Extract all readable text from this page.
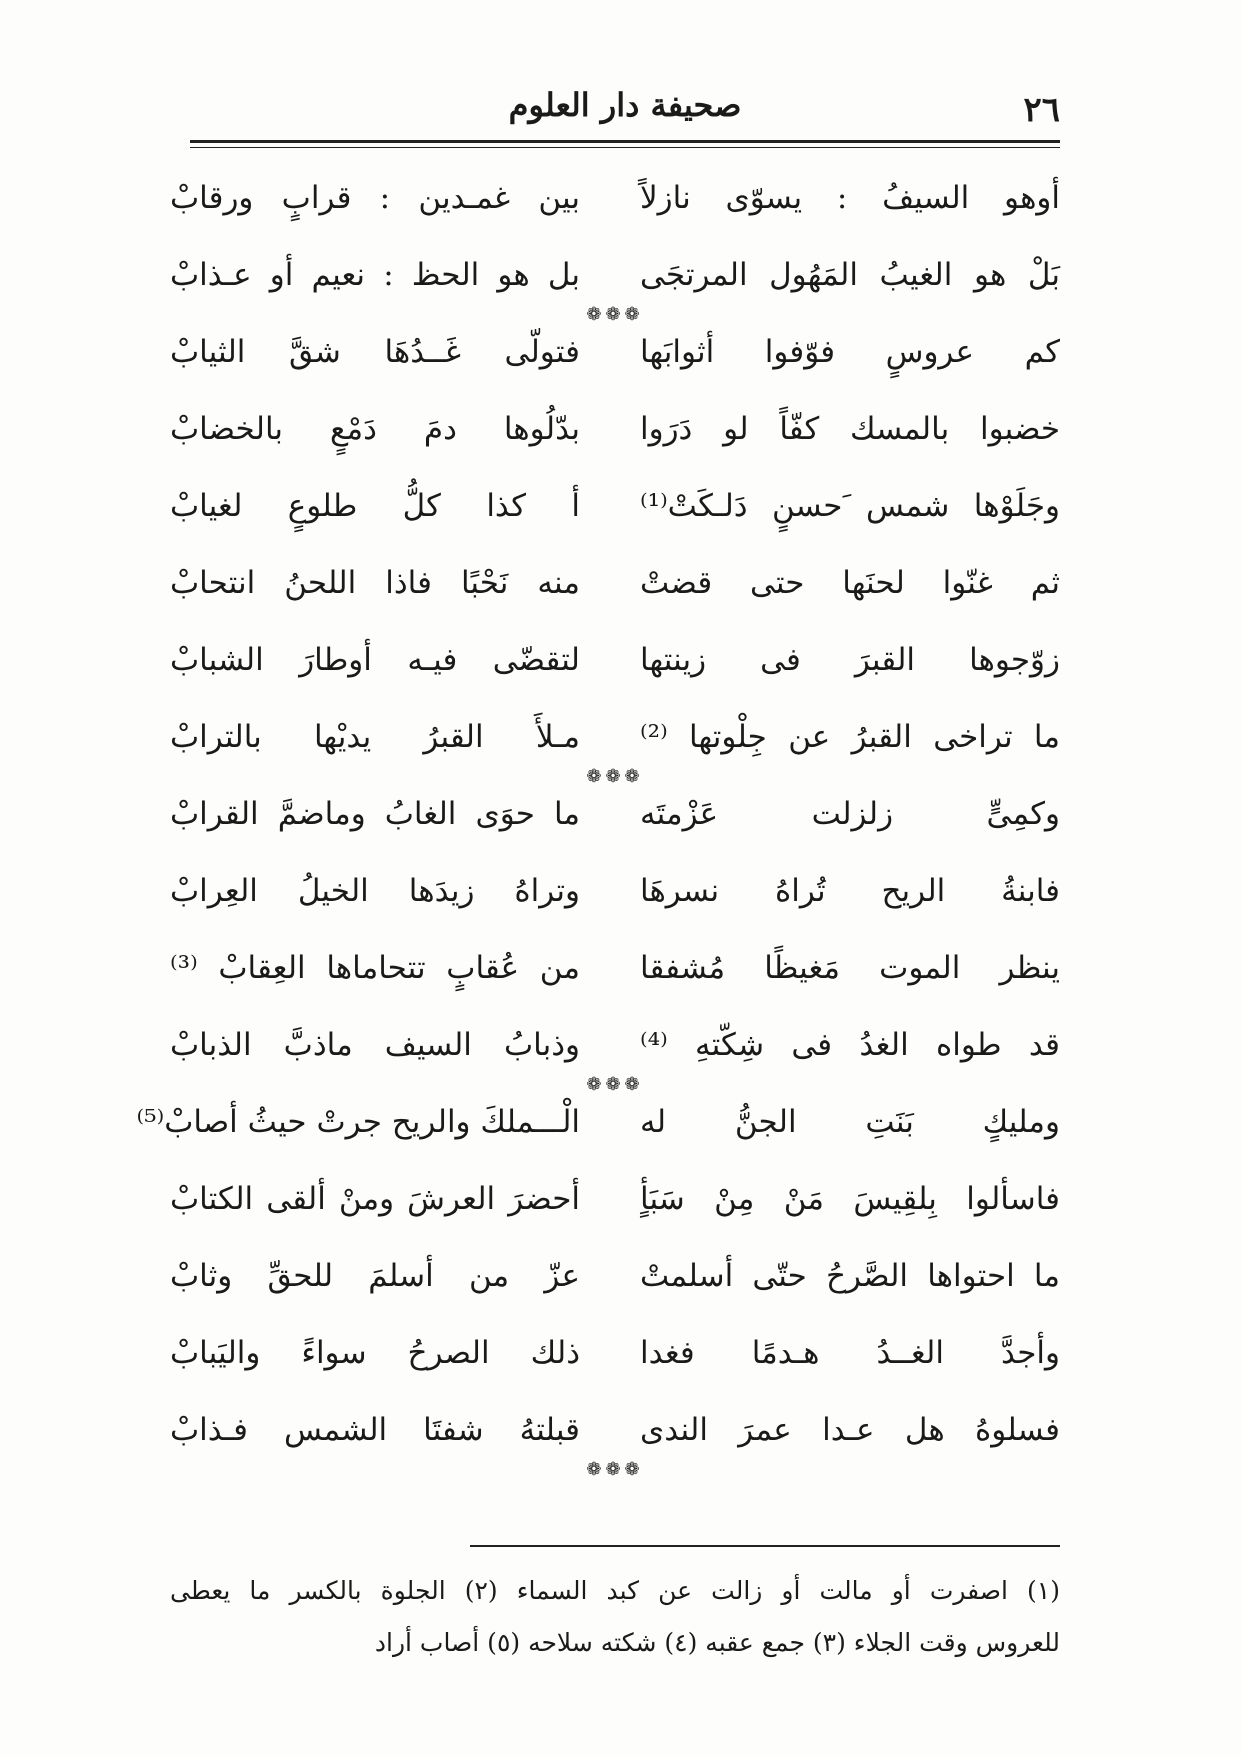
٢٦
صحيفة دار العلوم
أوهو السيفُ : يسوّى نازلاً
بين غمـدين : قرابٍ ورقابْ
بَلْ هو الغيبُ المَهُول المرتجَى
بل هو الحظ : نعيم أو عـذابْ
❁❁❁
كم عروسٍ فوّفوا أثوابَها
فتولّى غَــدُهَا شقَّ الثيابْ
خضبوا بالمسك كفّاً لو دَرَوا
بدّلُوها دمَ دَمْعٍ بالخضابْ
وجَلَوْها شمس َحسنٍ دَلـكَتْ⁽¹⁾
أ كذا كلُّ طلوعٍ لغيابْ
ثم غنّوا لحنَها حتى قضتْ
منه نَحْبًا فاذا اللحنُ انتحابْ
زوّجوها القبرَ فى زينتها
لتقضّى فيـه أوطارَ الشبابْ
ما تراخى القبرُ عن جِلْوتها ⁽²⁾
مـلأَ القبرُ يديْها بالترابْ
❁❁❁
وكمِىٍّ زلزلت عَزْمتَه
ما حوَى الغابُ وماضمَّ القرابْ
فابنةُ الريح تُراهُ نسرهَا
وتراهُ زيدَها الخيلُ العِرابْ
ينظر الموت مَغيظًا مُشفقا
من عُقابٍ تتحاماها العِقابْ ⁽³⁾
قد طواه الغدُ فى شِكّتهِ ⁽⁴⁾
وذبابُ السيف ماذبَّ الذبابْ
❁❁❁
ومليكٍ بَنَتِ الجنُّ له
الْـــملكَ والريح جرتْ حيثُ أصابْ⁽⁵⁾
فاسألوا بِلقِيسَ مَنْ مِنْ سَبَأٍ
أحضرَ العرشَ ومنْ ألقى الكتابْ
ما احتواها الصَّرحُ حتّى أسلمتْ
عزّ من أسلمَ للحقِّ وثابْ
وأجدَّ الغــدُ هـدمًا فغدا
ذلك الصرحُ سواءً واليَبابْ
فسلوهُ هل عـدا عمرَ الندى
قبلتهُ شفتَا الشمس فـذابْ
❁❁❁
(١) اصفرت أو مالت أو زالت عن كبد السماء (٢) الجلوة بالكسر ما يعطى
للعروس وقت الجلاء (٣) جمع عقبه (٤) شكته سلاحه (٥) أصاب أراد
